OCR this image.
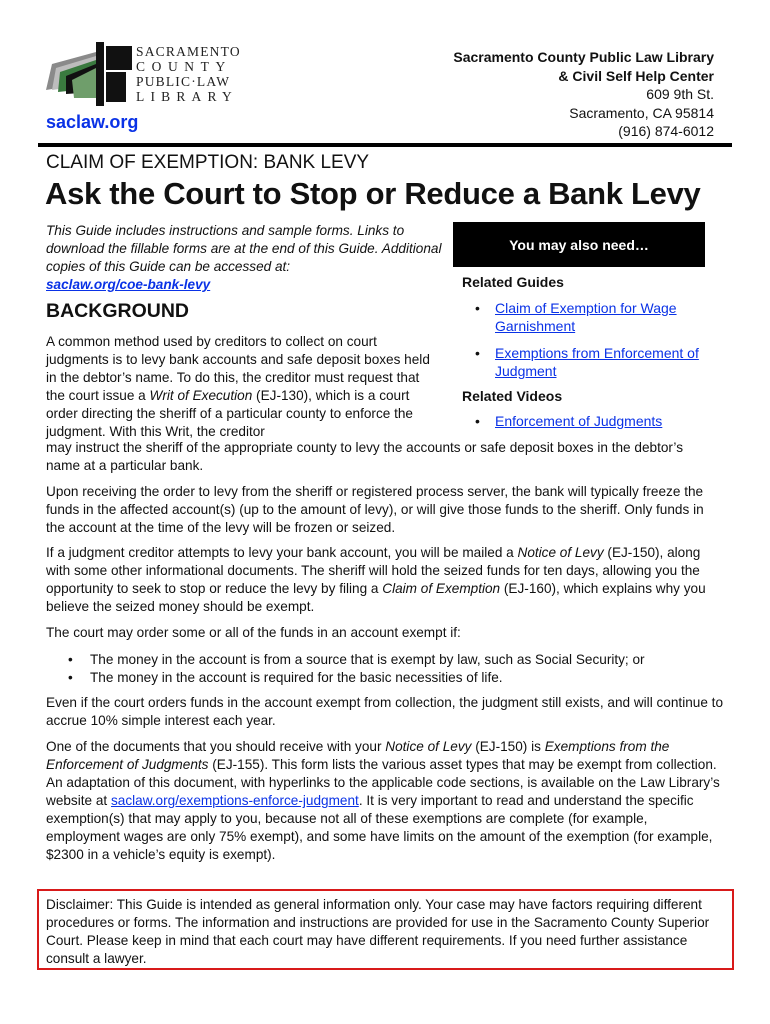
SACRAMENTO
COUNTY
PUBLIC·LAW
LIBRARY
saclaw.org
Sacramento County Public Law Library
& Civil Self Help Center
609 9th St.
Sacramento, CA 95814
(916) 874-6012
CLAIM OF EXEMPTION: BANK LEVY
Ask the Court to Stop or Reduce a Bank Levy
This Guide includes instructions and sample forms. Links to download the fillable forms are at the end of this Guide. Additional copies of this Guide can be accessed at:
saclaw.org/coe-bank-levy
You may also need…
Related Guides
• Claim of Exemption for Wage Garnishment
• Exemptions from Enforcement of Judgment
Related Videos
• Enforcement of Judgments
BACKGROUND
A common method used by creditors to collect on court judgments is to levy bank accounts and safe deposit boxes held in the debtor’s name. To do this, the creditor must request that the court issue a Writ of Execution (EJ-130), which is a court order directing the sheriff of a particular county to enforce the judgment. With this Writ, the creditor
may instruct the sheriff of the appropriate county to levy the accounts or safe deposit boxes in the debtor’s name at a particular bank.
Upon receiving the order to levy from the sheriff or registered process server, the bank will typically freeze the funds in the affected account(s) (up to the amount of levy), or will give those funds to the sheriff. Only funds in the account at the time of the levy will be frozen or seized.
If a judgment creditor attempts to levy your bank account, you will be mailed a Notice of Levy (EJ-150), along with some other informational documents. The sheriff will hold the seized funds for ten days, allowing you the opportunity to seek to stop or reduce the levy by filing a Claim of Exemption (EJ-160), which explains why you believe the seized money should be exempt.
The court may order some or all of the funds in an account exempt if:
• The money in the account is from a source that is exempt by law, such as Social Security; or
• The money in the account is required for the basic necessities of life.
Even if the court orders funds in the account exempt from collection, the judgment still exists, and will continue to accrue 10% simple interest each year.
One of the documents that you should receive with your Notice of Levy (EJ-150) is Exemptions from the Enforcement of Judgments (EJ-155). This form lists the various asset types that may be exempt from collection. An adaptation of this document, with hyperlinks to the applicable code sections, is available on the Law Library’s website at saclaw.org/exemptions-enforce-judgment. It is very important to read and understand the specific exemption(s) that may apply to you, because not all of these exemptions are complete (for example, employment wages are only 75% exempt), and some have limits on the amount of the exemption (for example, $2300 in a vehicle’s equity is exempt).
Disclaimer: This Guide is intended as general information only. Your case may have factors requiring different procedures or forms. The information and instructions are provided for use in the Sacramento County Superior Court. Please keep in mind that each court may have different requirements. If you need further assistance consult a lawyer.
